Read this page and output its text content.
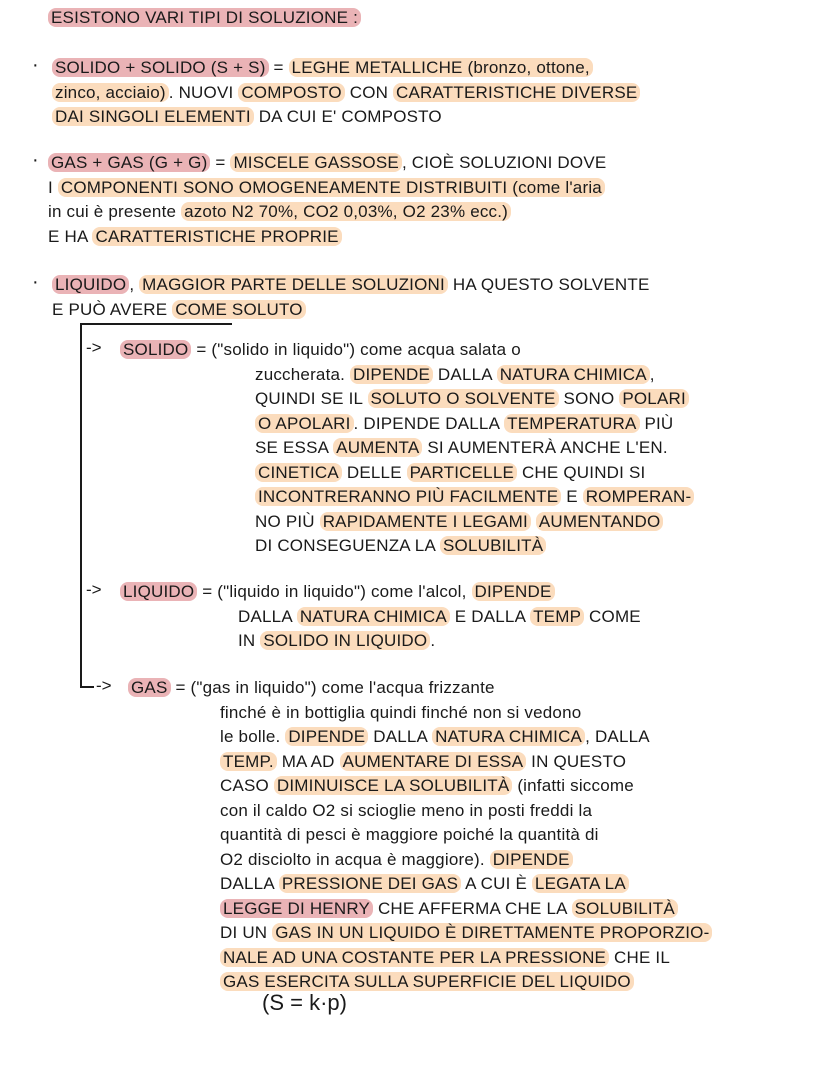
ESISTONO VARI TIPI DI SOLUZIONE :
· SOLIDO + SOLIDO (S + S) = LEGHE METALLICHE (bronzo, ottone,
zinco, acciaio) . NUOVI COMPOSTO CON CARATTERISTICHE DIVERSE
DAI SINGOLI ELEMENTI DA CUI E' COMPOSTO
· GAS + GAS (G + G) = MISCELE GASSOSE , CIOÈ SOLUZIONI DOVE
I COMPONENTI SONO OMOGENEAMENTE DISTRIBUITI (come l'aria
in cui è presente azoto N2 70%, CO2 0,03%, O2 23% ecc.)
E HA CARATTERISTICHE PROPRIE
· LIQUIDO , MAGGIOR PARTE DELLE SOLUZIONI HA QUESTO SOLVENTE
E PUÒ AVERE COME SOLUTO
-> SOLIDO = ("solido in liquido") come acqua salata o
zuccherata. DIPENDE DALLA NATURA CHIMICA ,
QUINDI SE IL SOLUTO O SOLVENTE SONO POLARI
O APOLARI . DIPENDE DALLA TEMPERATURA PIÙ
SE ESSA AUMENTA SI AUMENTERÀ ANCHE L'EN.
CINETICA DELLE PARTICELLE CHE QUINDI SI
INCONTRERANNO PIÙ FACILMENTE E ROMPERAN-
NO PIÙ RAPIDAMENTE I LEGAMI AUMENTANDO
DI CONSEGUENZA LA SOLUBILITÀ
-> LIQUIDO = ("liquido in liquido") come l'alcol, DIPENDE
DALLA NATURA CHIMICA E DALLA TEMP COME
IN SOLIDO IN LIQUIDO .
-> GAS = ("gas in liquido") come l'acqua frizzante
finché è in bottiglia quindi finché non si vedono
le bolle. DIPENDE DALLA NATURA CHIMICA , DALLA
TEMP. MA AD AUMENTARE DI ESSA IN QUESTO
CASO DIMINUISCE LA SOLUBILITÀ (infatti siccome
con il caldo O2 si scioglie meno in posti freddi la
quantità di pesci è maggiore poiché la quantità di
O2 disciolto in acqua è maggiore). DIPENDE
DALLA PRESSIONE DEI GAS A CUI È LEGATA LA
LEGGE DI HENRY CHE AFFERMA CHE LA SOLUBILITÀ
DI UN GAS IN UN LIQUIDO È DIRETTAMENTE PROPORZIO-
NALE AD UNA COSTANTE PER LA PRESSIONE CHE IL
GAS ESERCITA SULLA SUPERFICIE DEL LIQUIDO
(S = k·p)
